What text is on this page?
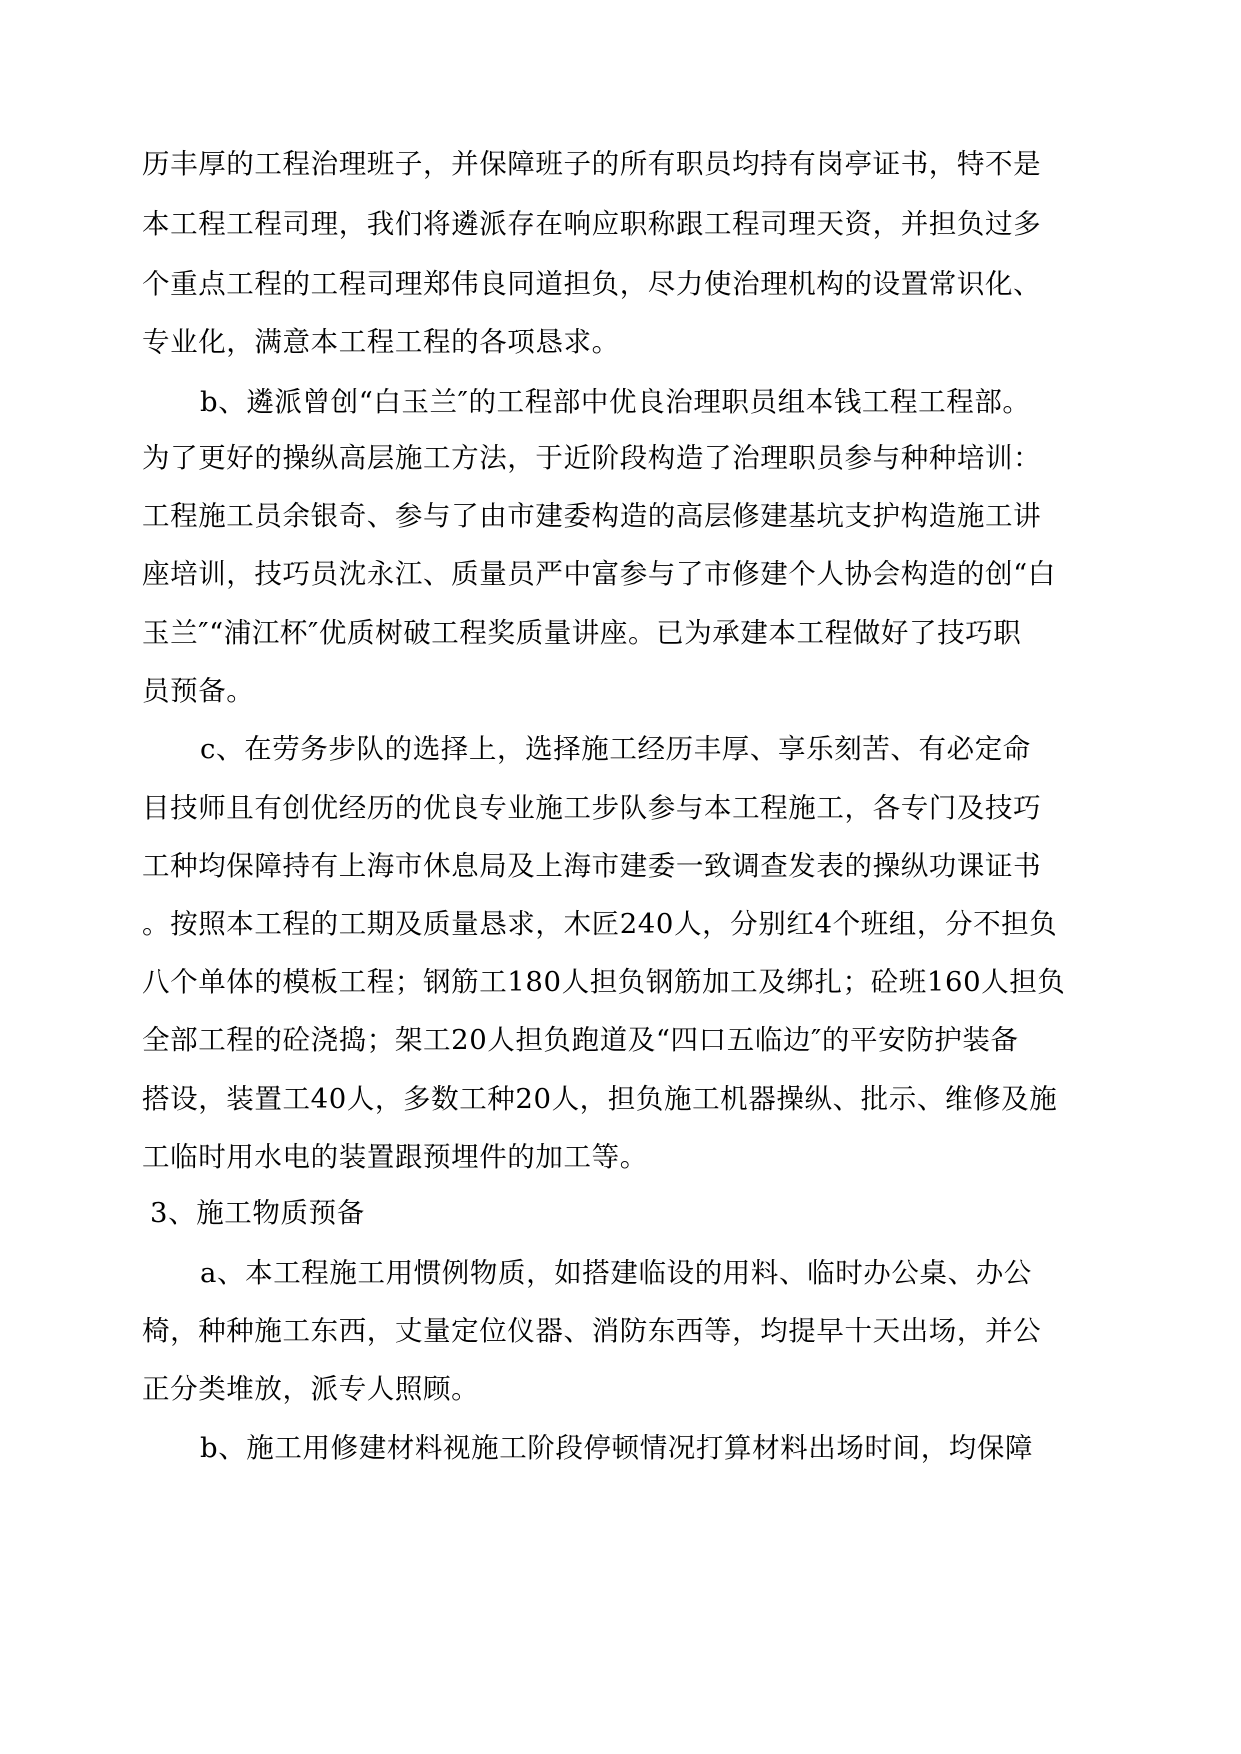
历丰厚的工程治理班子，并保障班子的所有职员均持有岗亭证书，特不是
本工程工程司理，我们将遴派存在响应职称跟工程司理天资，并担负过多
个重点工程的工程司理郑伟良同道担负，尽力使治理机构的设置常识化、
专业化，满意本工程工程的各项恳求。
b、遴派曾创“白玉兰″的工程部中优良治理职员组本钱工程工程部。
为了更好的操纵高层施工方法，于近阶段构造了治理职员参与种种培训：
工程施工员余银奇、参与了由市建委构造的高层修建基坑支护构造施工讲
座培训，技巧员沈永江、质量员严中富参与了市修建个人协会构造的创“白
玉兰″“浦江杯″优质树破工程奖质量讲座。已为承建本工程做好了技巧职
员预备。
c、在劳务步队的选择上，选择施工经历丰厚、享乐刻苦、有必定命
目技师且有创优经历的优良专业施工步队参与本工程施工，各专门及技巧
工种均保障持有上海市休息局及上海市建委一致调查发表的操纵功课证书
。按照本工程的工期及质量恳求，木匠240人，分别红4个班组，分不担负
八个单体的模板工程；钢筋工180人担负钢筋加工及绑扎；砼班160人担负
全部工程的砼浇捣；架工20人担负跑道及“四口五临边″的平安防护装备
搭设，装置工40人，多数工种20人，担负施工机器操纵、批示、维修及施
工临时用水电的装置跟预埋件的加工等。
3、施工物质预备
a、本工程施工用惯例物质，如搭建临设的用料、临时办公桌、办公
椅，种种施工东西，丈量定位仪器、消防东西等，均提早十天出场，并公
正分类堆放，派专人照顾。
b、施工用修建材料视施工阶段停顿情况打算材料出场时间，均保障
